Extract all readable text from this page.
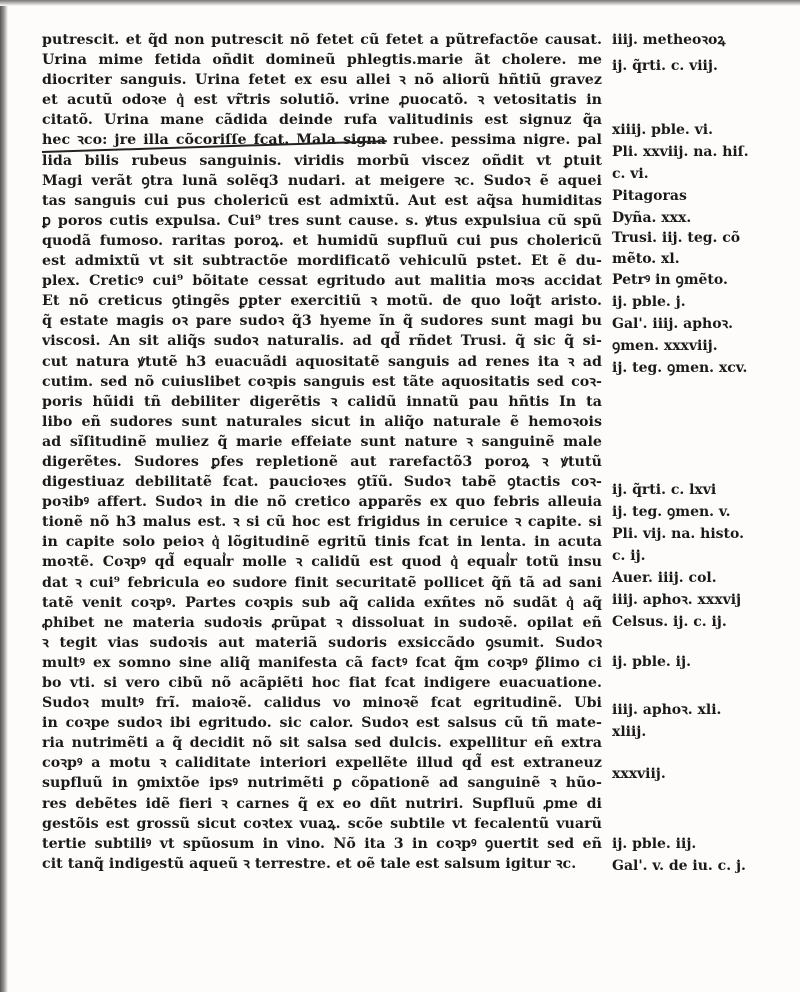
putrescit. et q̃d non putrescit nõ fetet cũ fetet a pũtrefactõe causat.
Urina mime fetida oñdit domineũ phlegtis.marie ãt cholere. me
diocriter sanguis. Urina fetet ex esu allei ꝛ nõ aliorũ hñtiũ gravez
et acutũ odoꝛe q͛ est vr̃tris solutiõ. vrine ꝓuocatõ. ꝛ vetositatis in
citatõ. Urina mane cãdida deinde rufa valitudinis est signuz q̃a
hec ꝛco: jre illa cõcoriſſe fcat. Mala signa rubee. pessima nigre. pal
lida bilis rubeus sanguinis. viridis morbũ viscez oñdit vt ꝑtuit
Magi verãt ꝯtra lunã solẽq3 nudari. at meigere ꝛc. Sudoꝛ ẽ aquei
tas sanguis cui pus cholericũ est admixtũ. Aut est aq̃sa humiditas
ꝑ poros cutis expulsa. Cui⁹ tres sunt cause. s. ꝟtus expulsiua cũ spũ
quodã fumoso. raritas poroꝝ. et humidũ supfluũ cui pus cholericũ
est admixtũ vt sit subtractõe mordificatõ vehiculũ pstet. Et ẽ du-
plex. Creticꝰ cui⁹ bõitate cessat egritudo aut malitia moꝛs accidat
Et nõ creticus ꝯtingẽs ꝑpter exercitiũ ꝛ motũ. de quo loq̃t aristo.
q̃ estate magis oꝛ pare sudoꝛ q̃3 hyeme ĩn q̃ sudores sunt magi bu
viscosi. An sit aliq̃s sudoꝛ naturalis. ad qd̃ rñdet Trusi. q̃ sic q̃ si-
cut natura ꝟtutẽ h3 euacuãdi aquositatẽ sanguis ad renes ita ꝛ ad
cutim. sed nõ cuiuslibet coꝛpis sanguis est tãte aquositatis sed coꝛ-
poris hũidi tñ debiliter digerẽtis ꝛ calidũ innatũ pau hñtis In ta
libo eñ sudores sunt naturales sicut in aliq̃o naturale ẽ hemoꝛois
ad sĩſitudinẽ muliez q̃ marie effeiate sunt nature ꝛ sanguinẽ male
digerẽtes. Sudores ꝑfes repletionẽ aut rarefactõ3 poroꝝ ꝛ ꝟtutũ
digestiuaz debilitatẽ fcat. paucioꝛes ꝯtĩũ. Sudoꝛ tabẽ ꝯtactis coꝛ-
poꝛibꝰ affert. Sudoꝛ in die nõ cretico apparẽs ex quo febris alleuia
tionẽ nõ h3 malus est. ꝛ si cũ hoc est frigidus in ceruice ꝛ capite. si
in capite solo peioꝛ q͛ lõgitudinẽ egritũ tinis fcat in lenta. in acuta
moꝛtẽ. Coꝛpꝰ qd̃ equal͛r molle ꝛ calidũ est quod q͛ equal͛r totũ insu
dat ꝛ cui⁹ febricula eo sudore finit securitatẽ pollicet q̃ñ tã ad sani
tatẽ venit coꝛpꝰ. Partes coꝛpis sub aq̃ calida exñtes nõ sudãt q͛ aq̃
ꝓhibet ne materia sudoꝛis ꝓrũpat ꝛ dissoluat in sudoꝛẽ. opilat eñ
ꝛ tegit vias sudoꝛis aut materiã sudoris exsiccãdo ꝯsumit. Sudoꝛ
multꝰ ex somno sine aliq̃ manifesta cã factꝰ fcat q̃m coꝛpꝰ ꝑ̃limo ci
bo vti. si vero cibũ nõ acãpiẽti hoc fiat fcat indigere euacuatione.
Sudoꝛ multꝰ frĩ. maioꝛẽ. calidus vo minoꝛẽ fcat egritudinẽ. Ubi
in coꝛpe sudoꝛ ibi egritudo. sic calor. Sudoꝛ est salsus cũ tñ mate-
ria nutrimẽti a q̃ decidit nõ sit salsa sed dulcis. expellitur eñ extra
coꝛpꝰ a motu ꝛ caliditate interiori expellẽte illud qd̃ est extraneuz
supfluũ in ꝯmixtõe ipsꝰ nutrimẽti ꝑ cõpationẽ ad sanguinẽ ꝛ hũo-
res debẽtes idẽ fieri ꝛ carnes q̃ ex eo dñt nutriri. Supfluũ ꝓme di
gestõis est grossũ sicut coꝛtex vuaꝝ. scõe subtile vt fecalentũ vuarũ
tertie subtiliꝰ vt spũosum in vino. Nõ ita 3 in coꝛpꝰ ꝯuertit sed eñ
cit tanq̃ indigestũ aqueũ ꝛ terrestre. et oẽ tale est salsum igitur ꝛc.
iiij. metheoꝛoꝝ
ij. q̃rti. c. viij.
xiiij. pble. vi.
Pli. xxviij. na. hiſ.
c. vi.
Pitagoras
Dyña. xxx.
Trusi. iij. teg. cõ
mẽto. xl.
Petrꝰ in ꝯmẽto.
ij. pble. j.
Gal'. iiij. aphoꝛ.
ꝯmen. xxxviij.
ij. teg. ꝯmen. xcv.
ij. q̃rti. c. lxvi
ij. teg. ꝯmen. v.
Pli. vij. na. histo.
c. ij.
Auer. iiij. col.
iiij. aphoꝛ. xxxvij
Celsus. ij. c. ij.
ij. pble. ij.
iiij. aphoꝛ. xli.
xliij.
xxxviij.
ij. pble. iij.
Gal'. v. de iu. c. j.
